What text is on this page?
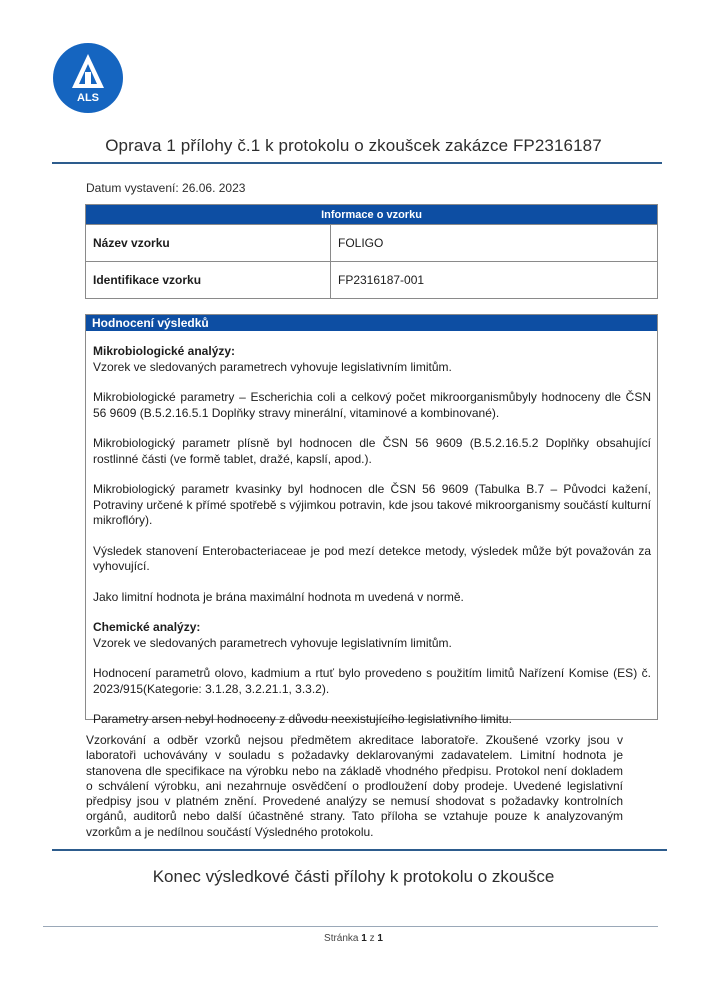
ALS
Oprava 1 přílohy č.1 k protokolu o zkoušcek zakázce FP2316187
Datum vystavení: 26.06. 2023
Informace o vzorku	
Název vzorku	FOLIGO
Identifikace vzorku	FP2316187-001
Hodnocení výsledků
Mikrobiologické analýzy:

Vzorek ve sledovaných parametrech vyhovuje legislativním limitům.

Mikrobiologické parametry – Escherichia coli a celkový počet mikroorganismůbyly hodnoceny dle ČSN 56 9609 (B.5.2.16.5.1 Doplňky stravy minerální, vitaminové a kombinované).

Mikrobiologický parametr plísně byl hodnocen dle ČSN 56 9609 (B.5.2.16.5.2 Doplňky obsahující rostlinné části (ve formě tablet, dražé, kapslí, apod.).

Mikrobiologický parametr kvasinky byl hodnocen dle ČSN 56 9609 (Tabulka B.7 – Původci kažení, Potraviny určené k přímé spotřebě s výjimkou potravin, kde jsou takové mikroorganismy součástí kulturní mikroflóry).

Výsledek stanovení Enterobacteriaceae je pod mezí detekce metody, výsledek může být považován za vyhovující.

Jako limitní hodnota je brána maximální hodnota m uvedená v normě.

Chemické analýzy:

Vzorek ve sledovaných parametrech vyhovuje legislativním limitům.

Hodnocení parametrů olovo, kadmium a rtuť bylo provedeno s použitím limitů Nařízení Komise (ES) č. 2023/915(Kategorie: 3.1.28, 3.2.21.1, 3.3.2).

Parametry arsen nebyl hodnoceny z důvodu neexistujícího legislativního limitu.

Vzorkování a odběr vzorků nejsou předmětem akreditace laboratoře. Zkoušené vzorky jsou v laboratoři uchovávány v souladu s požadavky deklarovanými zadavatelem. Limitní hodnota je stanovena dle specifikace na výrobku nebo na základě vhodného předpisu. Protokol není dokladem o schválení výrobku, ani nezahrnuje osvědčení o prodloužení doby prodeje. Uvedené legislativní předpisy jsou v platném znění. Provedené analýzy se nemusí shodovat s požadavky kontrolních orgánů, auditorů nebo další účastněné strany. Tato příloha se vztahuje pouze k analyzovaným vzorkům a je nedílnou součástí Výsledného protokolu.
Konec výsledkové části přílohy k protokolu o zkoušce
Stránka 1 z 1
